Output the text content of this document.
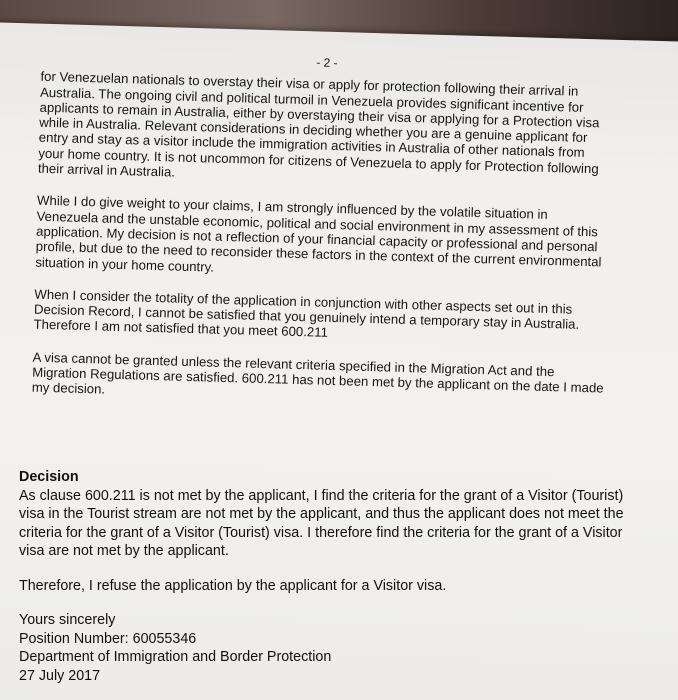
- 2 -

for Venezuelan nationals to overstay their visa or apply for protection following their arrival in Australia. The ongoing civil and political turmoil in Venezuela provides significant incentive for applicants to remain in Australia, either by overstaying their visa or applying for a Protection visa while in Australia. Relevant considerations in deciding whether you are a genuine applicant for entry and stay as a visitor include the immigration activities in Australia of other nationals from your home country. It is not uncommon for citizens of Venezuela to apply for Protection following their arrival in Australia.

While I do give weight to your claims, I am strongly influenced by the volatile situation in Venezuela and the unstable economic, political and social environment in my assessment of this application. My decision is not a reflection of your financial capacity or professional and personal profile, but due to the need to reconsider these factors in the context of the current environmental situation in your home country.

When I consider the totality of the application in conjunction with other aspects set out in this Decision Record, I cannot be satisfied that you genuinely intend a temporary stay in Australia. Therefore I am not satisfied that you meet 600.211

A visa cannot be granted unless the relevant criteria specified in the Migration Act and the Migration Regulations are satisfied. 600.211 has not been met by the applicant on the date I made my decision.

Decision

As clause 600.211 is not met by the applicant, I find the criteria for the grant of a Visitor (Tourist) visa in the Tourist stream are not met by the applicant, and thus the applicant does not meet the criteria for the grant of a Visitor (Tourist) visa. I therefore find the criteria for the grant of a Visitor visa are not met by the applicant.

Therefore, I refuse the application by the applicant for a Visitor visa.

Yours sincerely
Position Number: 60055346
Department of Immigration and Border Protection
27 July 2017
